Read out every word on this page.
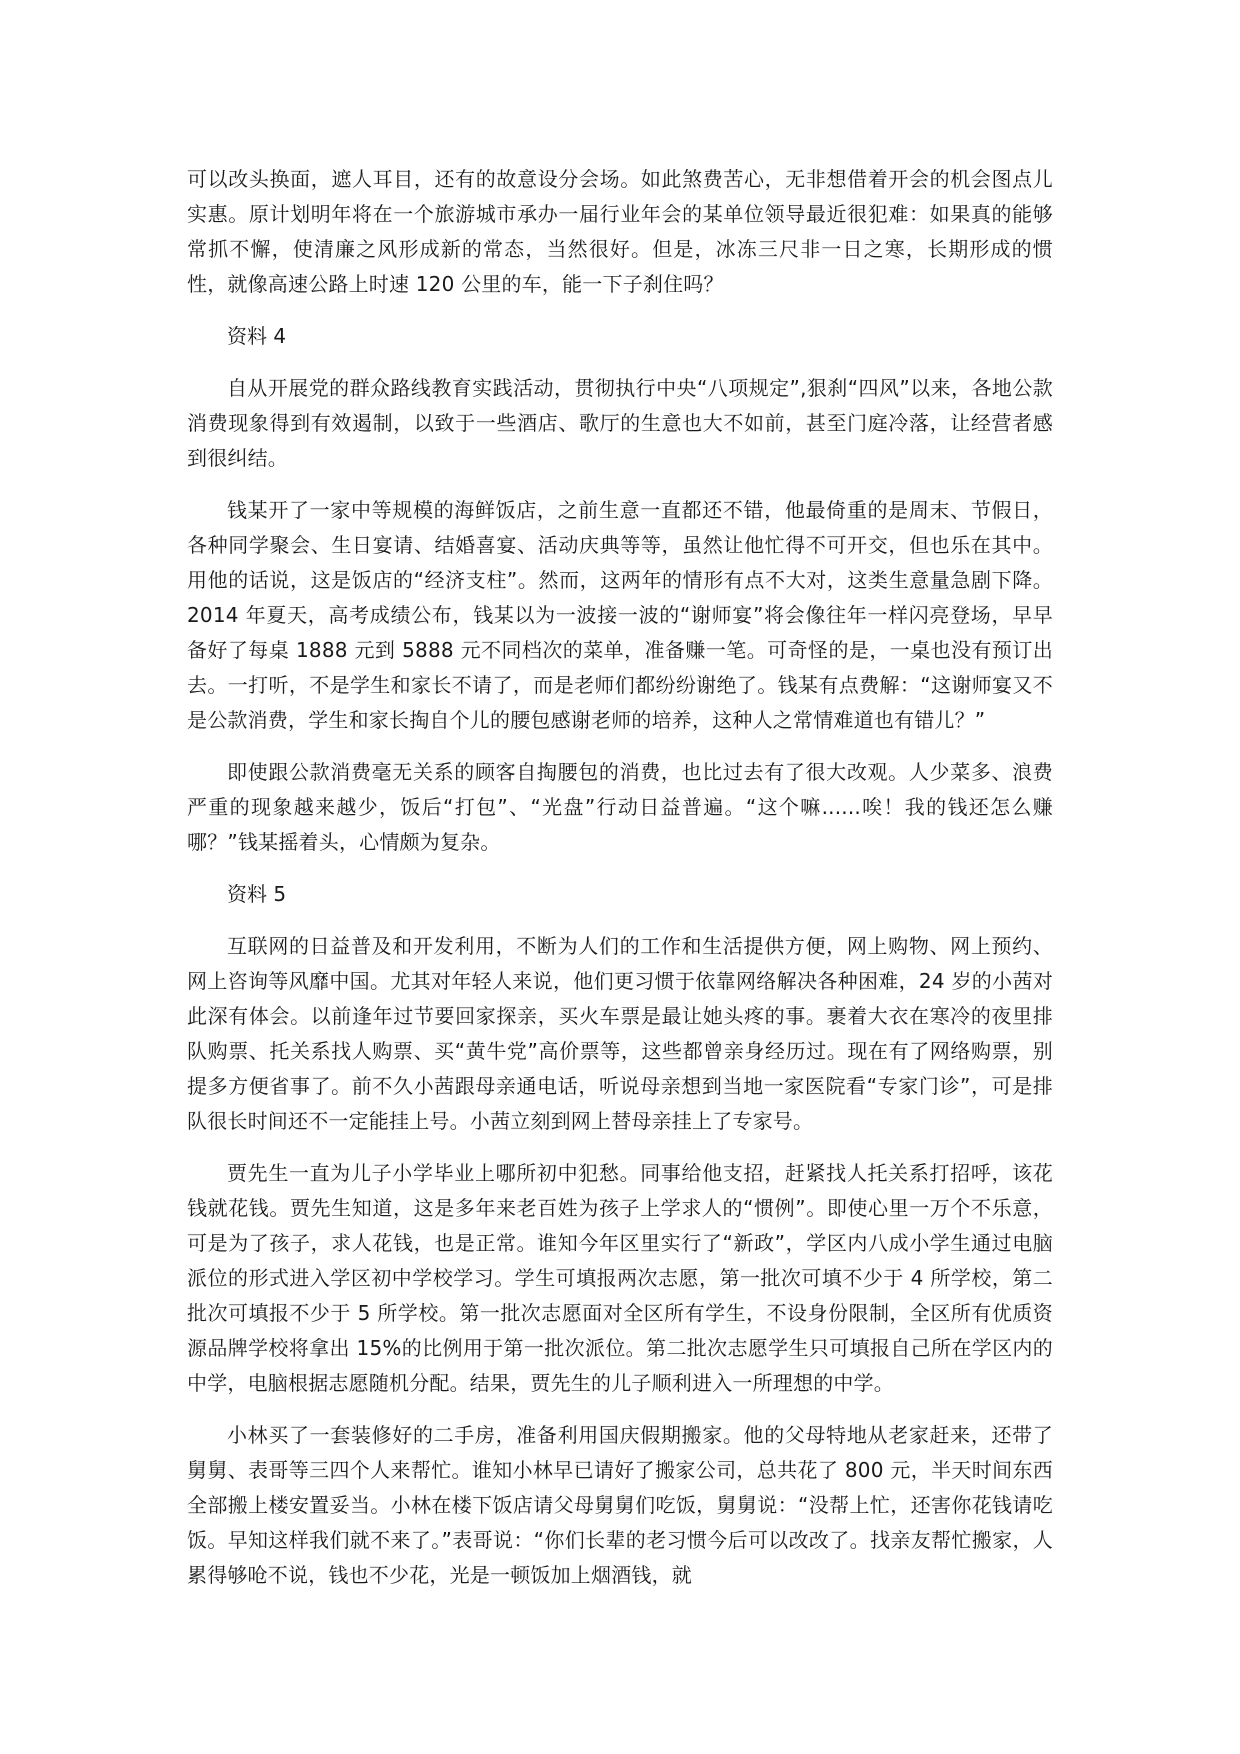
可以改头换面，遮人耳目，还有的故意设分会场。如此煞费苦心，无非想借着开会的机会图点儿实惠。原计划明年将在一个旅游城市承办一届行业年会的某单位领导最近很犯难：如果真的能够常抓不懈，使清廉之风形成新的常态，当然很好。但是，冰冻三尺非一日之寒，长期形成的惯性，就像高速公路上时速 120 公里的车，能一下子刹住吗？

资料 4

自从开展党的群众路线教育实践活动，贯彻执行中央“八项规定”,狠刹“四风”以来，各地公款消费现象得到有效遏制，以致于一些酒店、歌厅的生意也大不如前，甚至门庭冷落，让经营者感到很纠结。

钱某开了一家中等规模的海鲜饭店，之前生意一直都还不错，他最倚重的是周末、节假日，各种同学聚会、生日宴请、结婚喜宴、活动庆典等等，虽然让他忙得不可开交，但也乐在其中。用他的话说，这是饭店的“经济支柱”。然而，这两年的情形有点不大对，这类生意量急剧下降。2014 年夏天，高考成绩公布，钱某以为一波接一波的“谢师宴”将会像往年一样闪亮登场，早早备好了每桌 1888 元到 5888 元不同档次的菜单，准备赚一笔。可奇怪的是，一桌也没有预订出去。一打听，不是学生和家长不请了，而是老师们都纷纷谢绝了。钱某有点费解：“这谢师宴又不是公款消费，学生和家长掏自个儿的腰包感谢老师的培养，这种人之常情难道也有错儿？”

即使跟公款消费毫无关系的顾客自掏腰包的消费，也比过去有了很大改观。人少菜多、浪费严重的现象越来越少，饭后“打包”、“光盘”行动日益普遍。“这个嘛......唉！我的钱还怎么赚哪？”钱某摇着头，心情颇为复杂。

资料 5

互联网的日益普及和开发利用，不断为人们的工作和生活提供方便，网上购物、网上预约、网上咨询等风靡中国。尤其对年轻人来说，他们更习惯于依靠网络解决各种困难，24 岁的小茜对此深有体会。以前逢年过节要回家探亲，买火车票是最让她头疼的事。裹着大衣在寒冷的夜里排队购票、托关系找人购票、买“黄牛党”高价票等，这些都曾亲身经历过。现在有了网络购票，别提多方便省事了。前不久小茜跟母亲通电话，听说母亲想到当地一家医院看“专家门诊”，可是排队很长时间还不一定能挂上号。小茜立刻到网上替母亲挂上了专家号。

贾先生一直为儿子小学毕业上哪所初中犯愁。同事给他支招，赶紧找人托关系打招呼，该花钱就花钱。贾先生知道，这是多年来老百姓为孩子上学求人的“惯例”。即使心里一万个不乐意，可是为了孩子，求人花钱，也是正常。谁知今年区里实行了“新政”，学区内八成小学生通过电脑派位的形式进入学区初中学校学习。学生可填报两次志愿，第一批次可填不少于 4 所学校，第二批次可填报不少于 5 所学校。第一批次志愿面对全区所有学生，不设身份限制，全区所有优质资源品牌学校将拿出 15%的比例用于第一批次派位。第二批次志愿学生只可填报自己所在学区内的中学，电脑根据志愿随机分配。结果，贾先生的儿子顺利进入一所理想的中学。

小林买了一套装修好的二手房，准备利用国庆假期搬家。他的父母特地从老家赶来，还带了舅舅、表哥等三四个人来帮忙。谁知小林早已请好了搬家公司，总共花了 800 元，半天时间东西全部搬上楼安置妥当。小林在楼下饭店请父母舅舅们吃饭，舅舅说：“没帮上忙，还害你花钱请吃饭。早知这样我们就不来了。”表哥说：“你们长辈的老习惯今后可以改改了。找亲友帮忙搬家，人累得够呛不说，钱也不少花，光是一顿饭加上烟酒钱，就
